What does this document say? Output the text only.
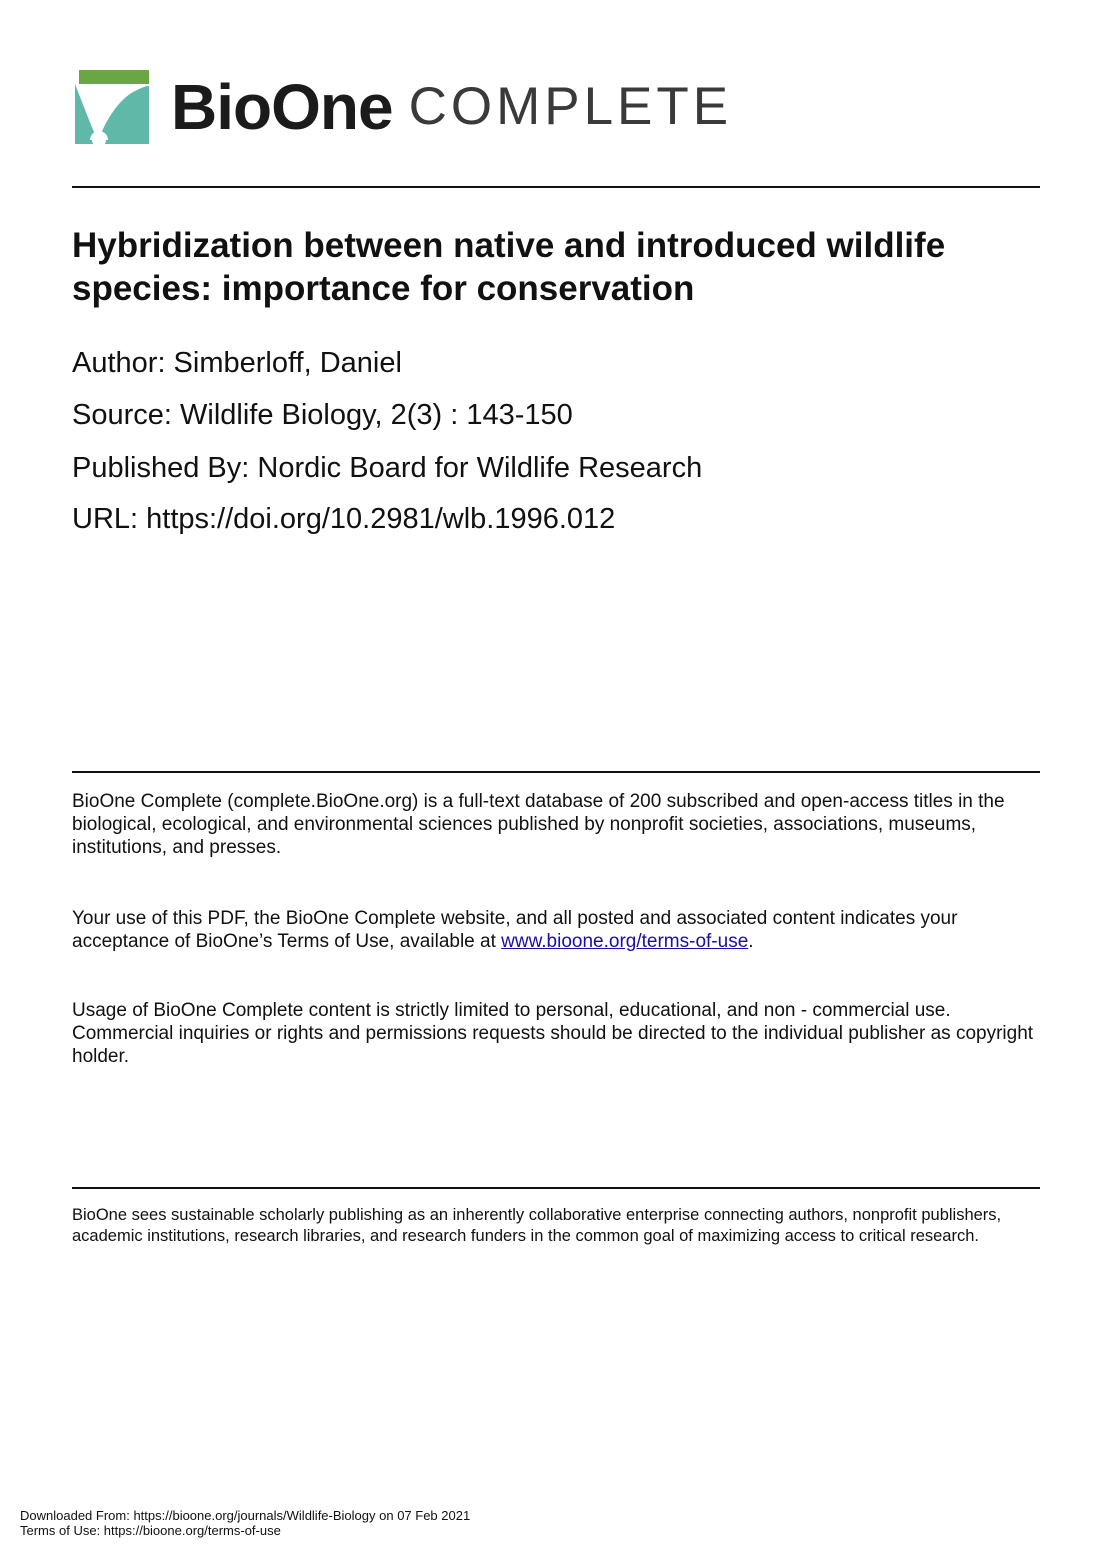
BioOne COMPLETE
Hybridization between native and introduced wildlife species: importance for conservation
Author: Simberloff, Daniel
Source: Wildlife Biology, 2(3) : 143-150
Published By: Nordic Board for Wildlife Research
URL: https://doi.org/10.2981/wlb.1996.012

BioOne Complete (complete.BioOne.org) is a full-text database of 200 subscribed and open-access titles in the biological, ecological, and environmental sciences published by nonprofit societies, associations, museums, institutions, and presses.

Your use of this PDF, the BioOne Complete website, and all posted and associated content indicates your acceptance of BioOne’s Terms of Use, available at www.bioone.org/terms-of-use.

Usage of BioOne Complete content is strictly limited to personal, educational, and non - commercial use. Commercial inquiries or rights and permissions requests should be directed to the individual publisher as copyright holder.

BioOne sees sustainable scholarly publishing as an inherently collaborative enterprise connecting authors, nonprofit publishers, academic institutions, research libraries, and research funders in the common goal of maximizing access to critical research.

Downloaded From: https://bioone.org/journals/Wildlife-Biology on 07 Feb 2021
Terms of Use: https://bioone.org/terms-of-use
